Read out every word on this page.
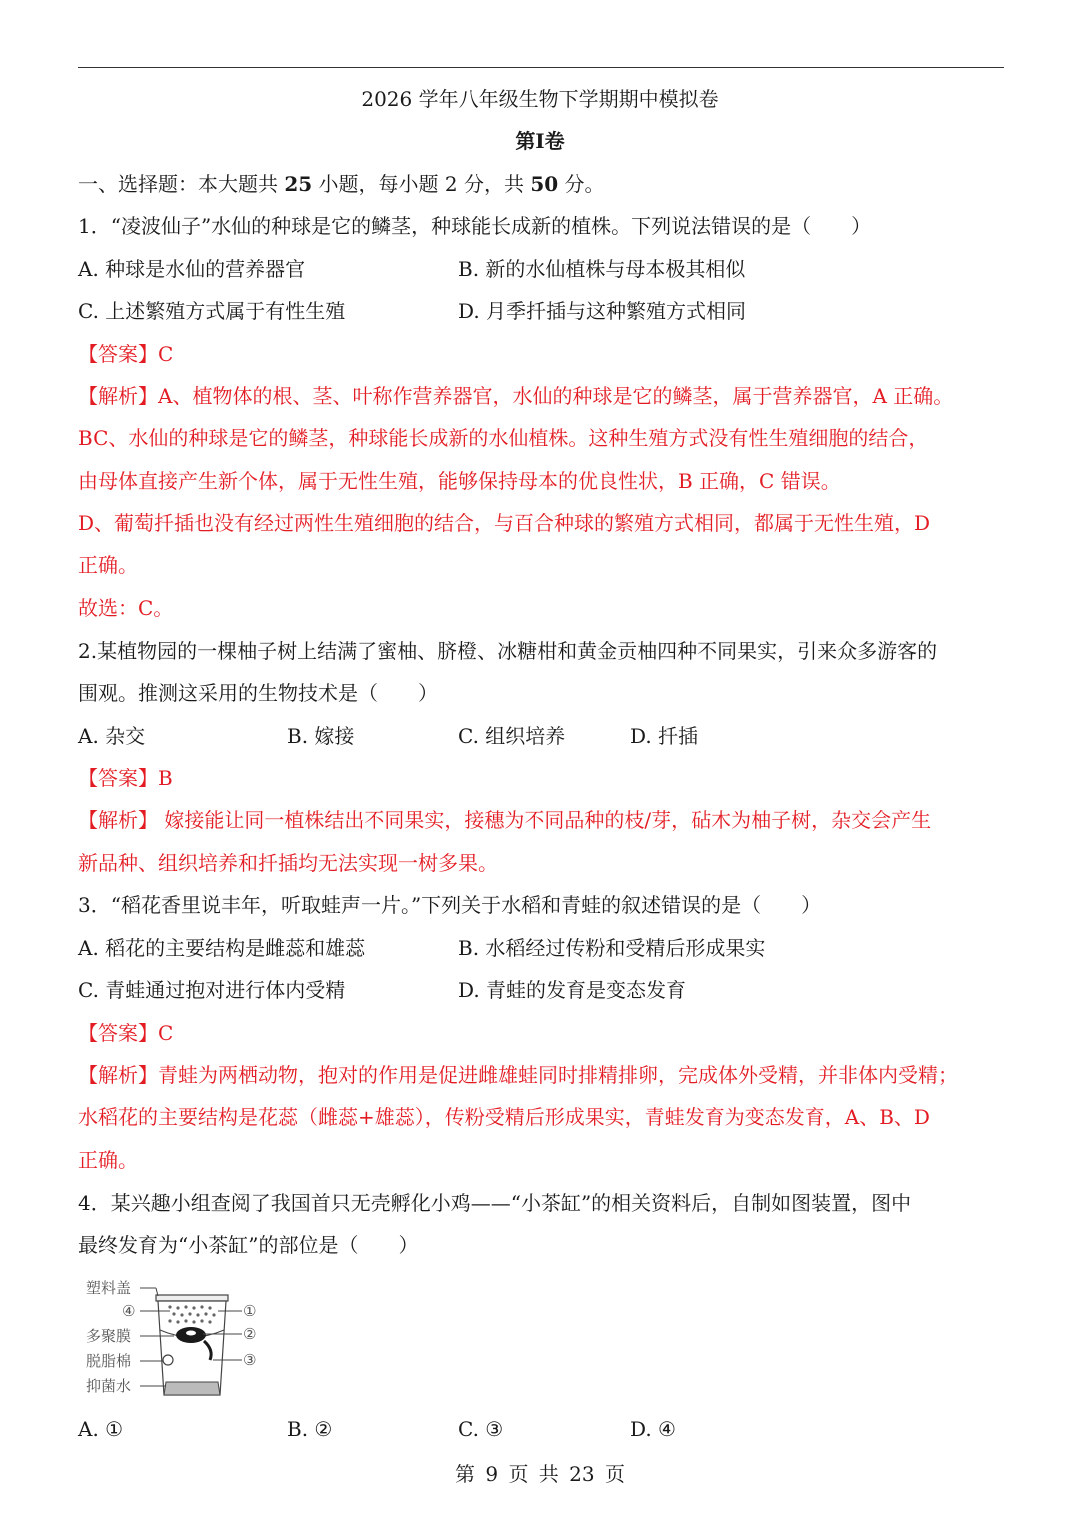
2026 学年八年级生物下学期期中模拟卷
第I卷
一、选择题：本大题共 25 小题，每小题 2 分，共 50 分。
1．“凌波仙子”水仙的种球是它的鳞茎，种球能长成新的植株。下列说法错误的是（　　）
A. 种球是水仙的营养器官	B. 新的水仙植株与母本极其相似
C. 上述繁殖方式属于有性生殖	D. 月季扦插与这种繁殖方式相同
【答案】C
【解析】A、植物体的根、茎、叶称作营养器官，水仙的种球是它的鳞茎，属于营养器官，A 正确。
BC、水仙的种球是它的鳞茎，种球能长成新的水仙植株。这种生殖方式没有性生殖细胞的结合，
由母体直接产生新个体，属于无性生殖，能够保持母本的优良性状，B 正确，C 错误。
D、葡萄扦插也没有经过两性生殖细胞的结合，与百合种球的繁殖方式相同，都属于无性生殖，D
正确。
故选：C。
2.某植物园的一棵柚子树上结满了蜜柚、脐橙、冰糖柑和黄金贡柚四种不同果实，引来众多游客的
围观。推测这采用的生物技术是（　　）
A. 杂交	B. 嫁接	C. 组织培养	D. 扦插
【答案】B
【解析】 嫁接能让同一植株结出不同果实，接穗为不同品种的枝/芽，砧木为柚子树，杂交会产生
新品种、组织培养和扦插均无法实现一树多果。
3．“稻花香里说丰年，听取蛙声一片。”下列关于水稻和青蛙的叙述错误的是（　　）
A. 稻花的主要结构是雌蕊和雄蕊	B. 水稻经过传粉和受精后形成果实
C. 青蛙通过抱对进行体内受精	D. 青蛙的发育是变态发育
【答案】C
【解析】青蛙为两栖动物，抱对的作用是促进雌雄蛙同时排精排卵，完成体外受精，并非体内受精；
水稻花的主要结构是花蕊（雌蕊+雄蕊），传粉受精后形成果实，青蛙发育为变态发育，A、B、D
正确。
4．某兴趣小组查阅了我国首只无壳孵化小鸡——“小茶缸”的相关资料后，自制如图装置，图中
最终发育为“小茶缸”的部位是（　　）
塑料盖
④
多聚膜
脱脂棉
抑菌水
①
②
③
A. ①	B. ②	C. ③	D. ④
第 9 页 共 23 页
